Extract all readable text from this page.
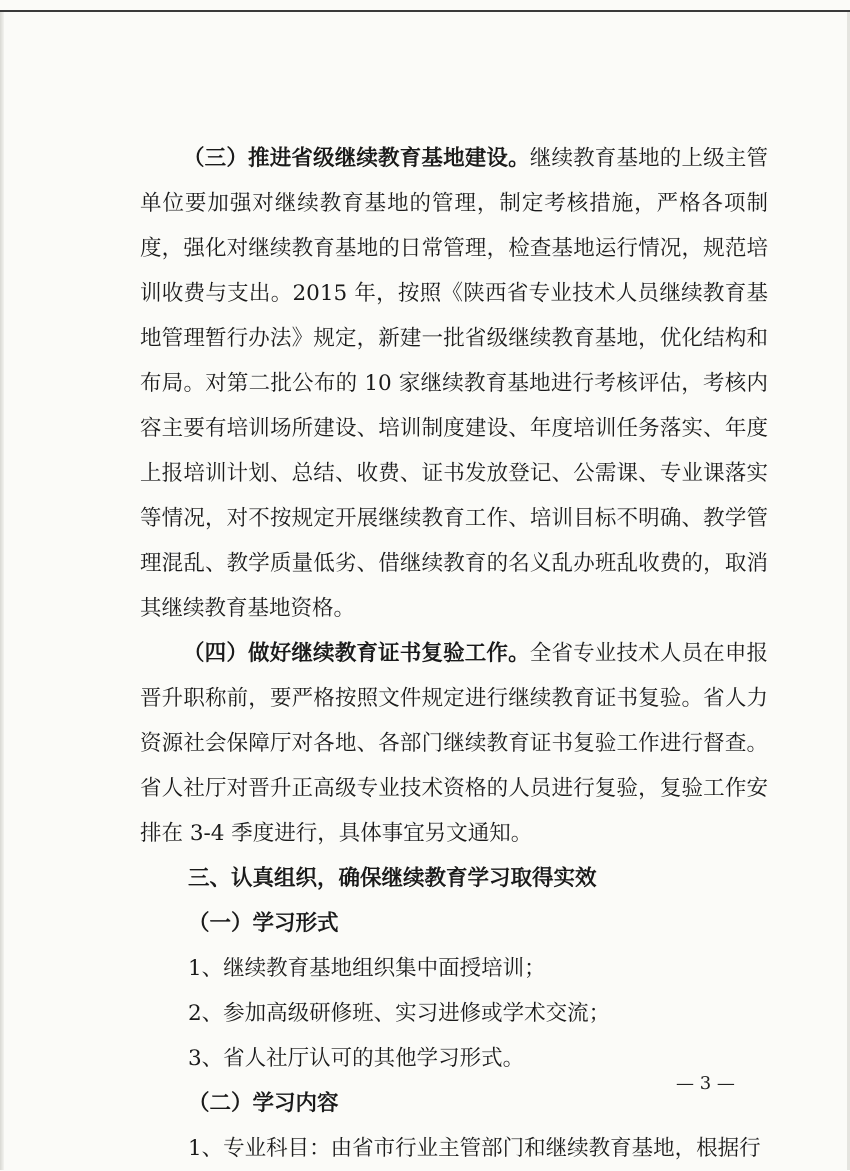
（三）推进省级继续教育基地建设。继续教育基地的上级主管单位要加强对继续教育基地的管理，制定考核措施，严格各项制度，强化对继续教育基地的日常管理，检查基地运行情况，规范培训收费与支出。2015 年，按照《陕西省专业技术人员继续教育基地管理暂行办法》规定，新建一批省级继续教育基地，优化结构和布局。对第二批公布的 10 家继续教育基地进行考核评估，考核内容主要有培训场所建设、培训制度建设、年度培训任务落实、年度上报培训计划、总结、收费、证书发放登记、公需课、专业课落实等情况，对不按规定开展继续教育工作、培训目标不明确、教学管理混乱、教学质量低劣、借继续教育的名义乱办班乱收费的，取消其继续教育基地资格。

（四）做好继续教育证书复验工作。全省专业技术人员在申报晋升职称前，要严格按照文件规定进行继续教育证书复验。省人力资源社会保障厅对各地、各部门继续教育证书复验工作进行督查。省人社厅对晋升正高级专业技术资格的人员进行复验，复验工作安排在 3-4 季度进行，具体事宜另文通知。

三、认真组织，确保继续教育学习取得实效

（一）学习形式

1、继续教育基地组织集中面授培训；

2、参加高级研修班、实习进修或学术交流；

3、省人社厅认可的其他学习形式。

（二）学习内容

1、专业科目：由省市行业主管部门和继续教育基地，根据行

— 3 —
